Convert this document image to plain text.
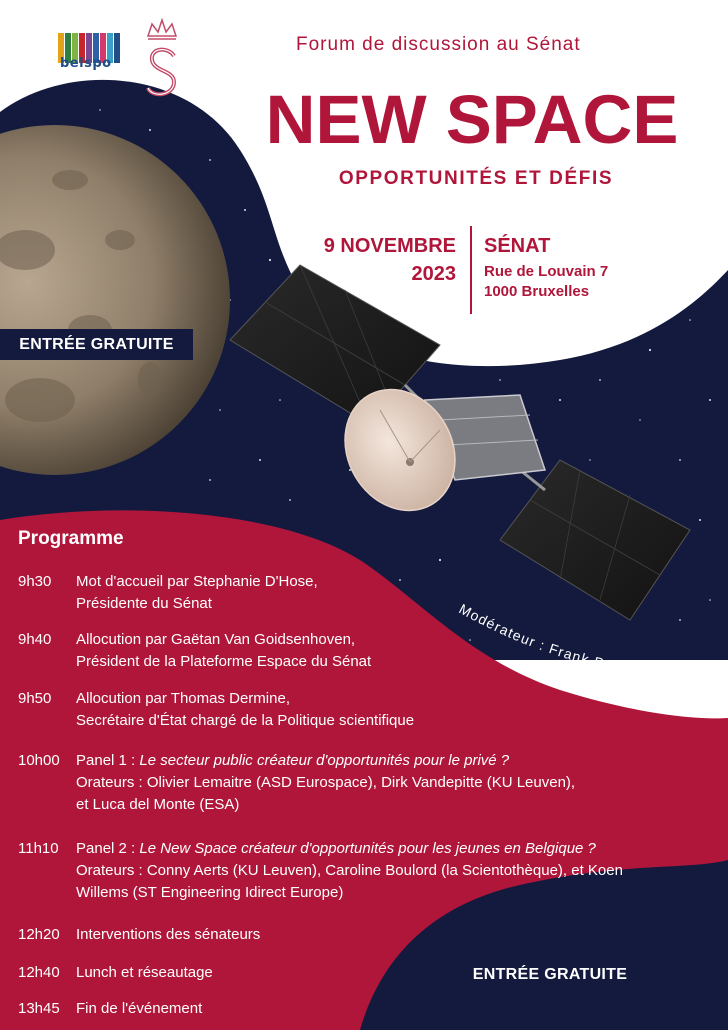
belspo
Forum de discussion au Sénat
NEW SPACE
OPPORTUNITÉS ET DÉFIS
9 NOVEMBRE
2023
SÉNAT
Rue de Louvain 7
1000 Bruxelles
ENTRÉE GRATUITE
Modérateur : Frank Preud'homme
Programme
9h30	Mot d'accueil par Stephanie D'Hose,
Présidente du Sénat
9h40	Allocution par Gaëtan Van Goidsenhoven,
Président de la Plateforme Espace du Sénat
9h50	Allocution par Thomas Dermine,
Secrétaire d'État chargé de la Politique scientifique
10h00	Panel 1 : Le secteur public créateur d'opportunités pour le privé ?
Orateurs : Olivier Lemaitre (ASD Eurospace), Dirk Vandepitte (KU Leuven),
et Luca del Monte (ESA)
11h10	Panel 2 : Le New Space créateur d'opportunités pour les jeunes en Belgique ?
Orateurs : Conny Aerts (KU Leuven), Caroline Boulord (la Scientothèque), et Koen
Willems (ST Engineering Idirect Europe)
12h20	Interventions des sénateurs
12h40	Lunch et réseautage
13h45	Fin de l'événement
ENTRÉE GRATUITE
